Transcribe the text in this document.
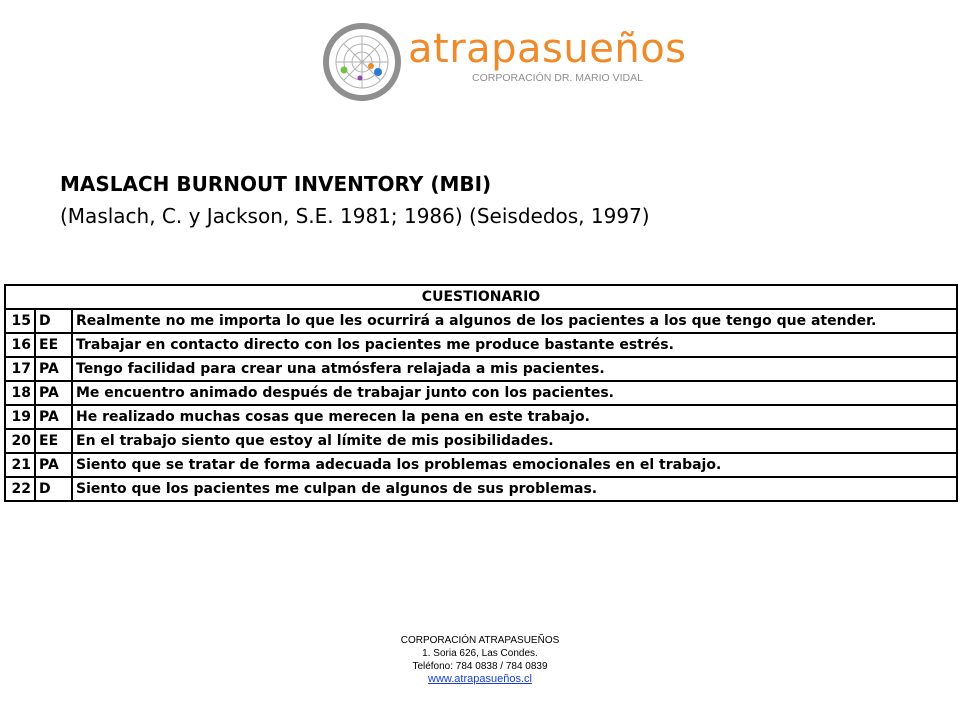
atrapasueños
CORPORACIÓN DR. MARIO VIDAL
MASLACH BURNOUT INVENTORY (MBI)
(Maslach, C. y Jackson, S.E. 1981; 1986) (Seisdedos, 1997)
CUESTIONARIO		
15	D	Realmente no me importa lo que les ocurrirá a algunos de los pacientes a los que tengo que atender.
16	EE	Trabajar en contacto directo con los pacientes me produce bastante estrés.
17	PA	Tengo facilidad para crear una atmósfera relajada a mis pacientes.
18	PA	Me encuentro animado después de trabajar junto con los pacientes.
19	PA	He realizado muchas cosas que merecen la pena en este trabajo.
20	EE	En el trabajo siento que estoy al límite de mis posibilidades.
21	PA	Siento que se tratar de forma adecuada los problemas emocionales en el trabajo.
22	D	Siento que los pacientes me culpan de algunos de sus problemas.
CORPORACIÓN ATRAPASUEÑOS
1. Soria 626, Las Condes.
Teléfono: 784 0838 / 784 0839
www.atrapasueños.cl
